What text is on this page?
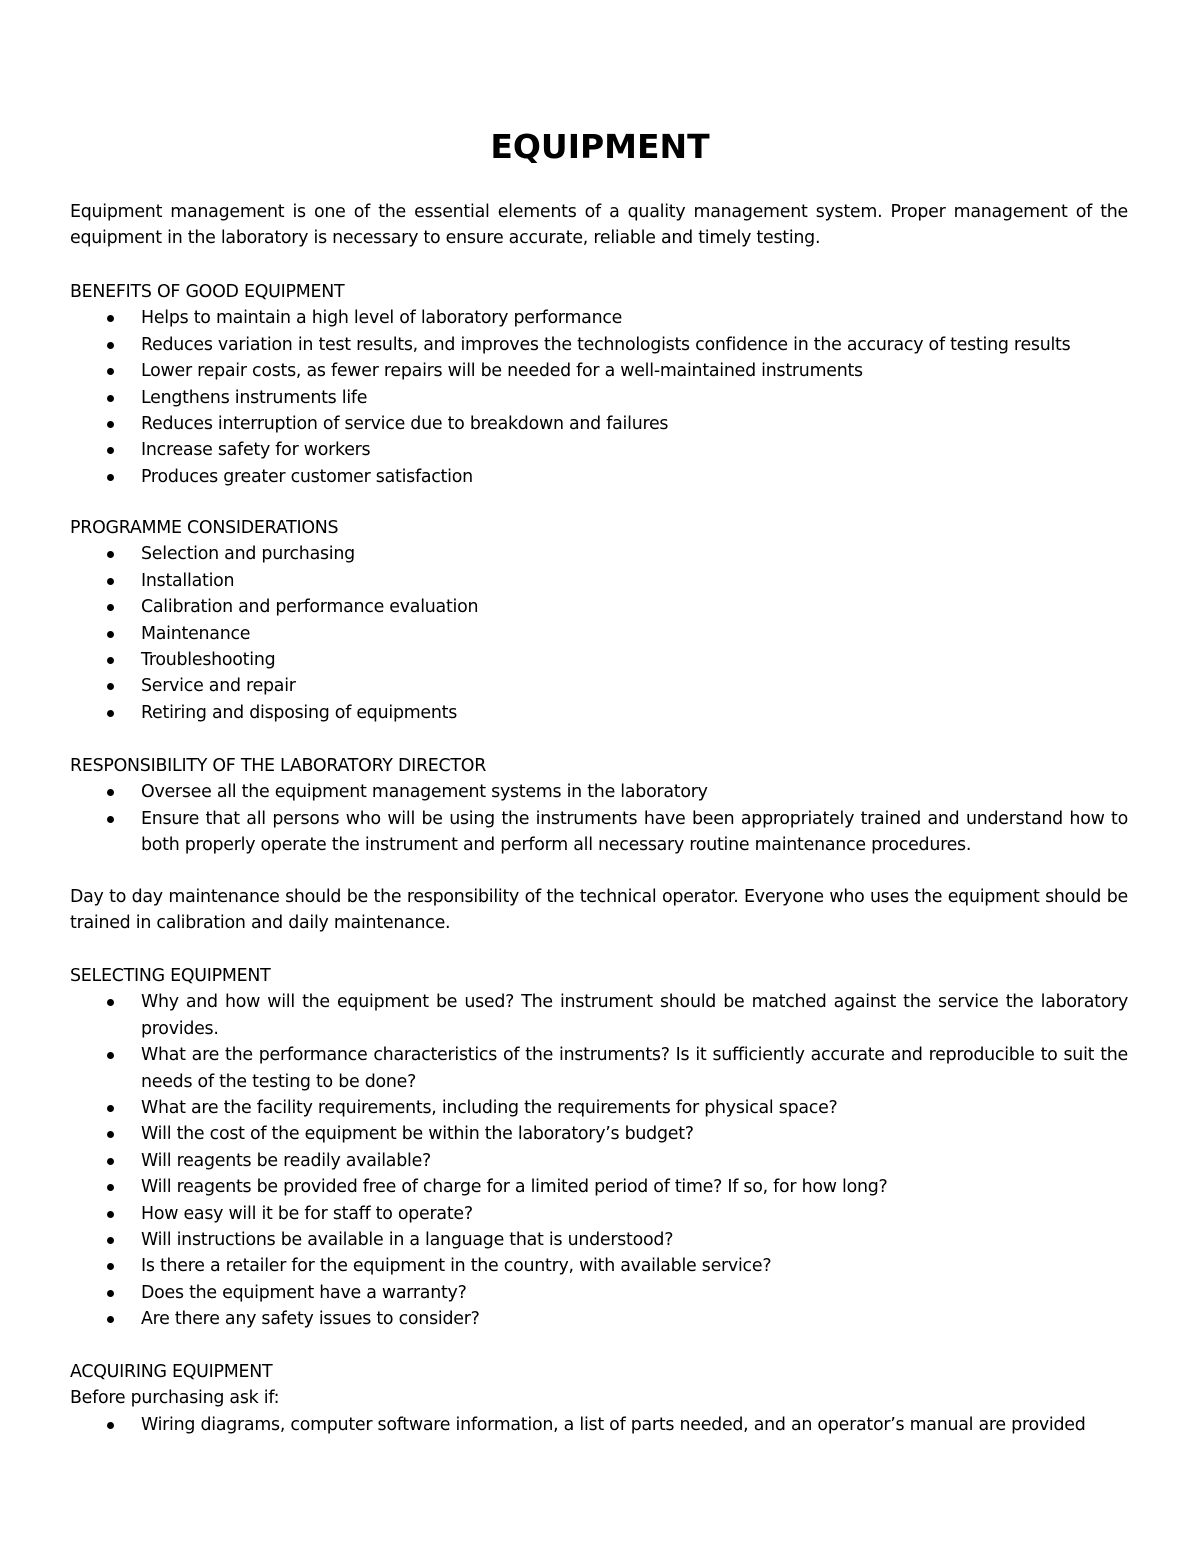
EQUIPMENT

Equipment management is one of the essential elements of a quality management system. Proper management of the equipment in the laboratory is necessary to ensure accurate, reliable and timely testing.

BENEFITS OF GOOD EQUIPMENT

Helps to maintain a high level of laboratory performance
Reduces variation in test results, and improves the technologists confidence in the accuracy of testing results
Lower repair costs, as fewer repairs will be needed for a well-maintained instruments
Lengthens instruments life
Reduces interruption of service due to breakdown and failures
Increase safety for workers
Produces greater customer satisfaction

PROGRAMME CONSIDERATIONS

Selection and purchasing
Installation
Calibration and performance evaluation
Maintenance
Troubleshooting
Service and repair
Retiring and disposing of equipments

RESPONSIBILITY OF THE LABORATORY DIRECTOR

Oversee all the equipment management systems in the laboratory
Ensure that all persons who will be using the instruments have been appropriately trained and understand how to both properly operate the instrument and perform all necessary routine maintenance procedures.

Day to day maintenance should be the responsibility of the technical operator. Everyone who uses the equipment should be trained in calibration and daily maintenance.

SELECTING EQUIPMENT

Why and how will the equipment be used? The instrument should be matched against the service the laboratory provides.
What are the performance characteristics of the instruments? Is it sufficiently accurate and reproducible to suit the needs of the testing to be done?
What are the facility requirements, including the requirements for physical space?
Will the cost of the equipment be within the laboratory’s budget?
Will reagents be readily available?
Will reagents be provided free of charge for a limited period of time? If so, for how long?
How easy will it be for staff to operate?
Will instructions be available in a language that is understood?
Is there a retailer for the equipment in the country, with available service?
Does the equipment have a warranty?
Are there any safety issues to consider?

ACQUIRING EQUIPMENT

Before purchasing ask if:

Wiring diagrams, computer software information, a list of parts needed, and an operator’s manual are provided
